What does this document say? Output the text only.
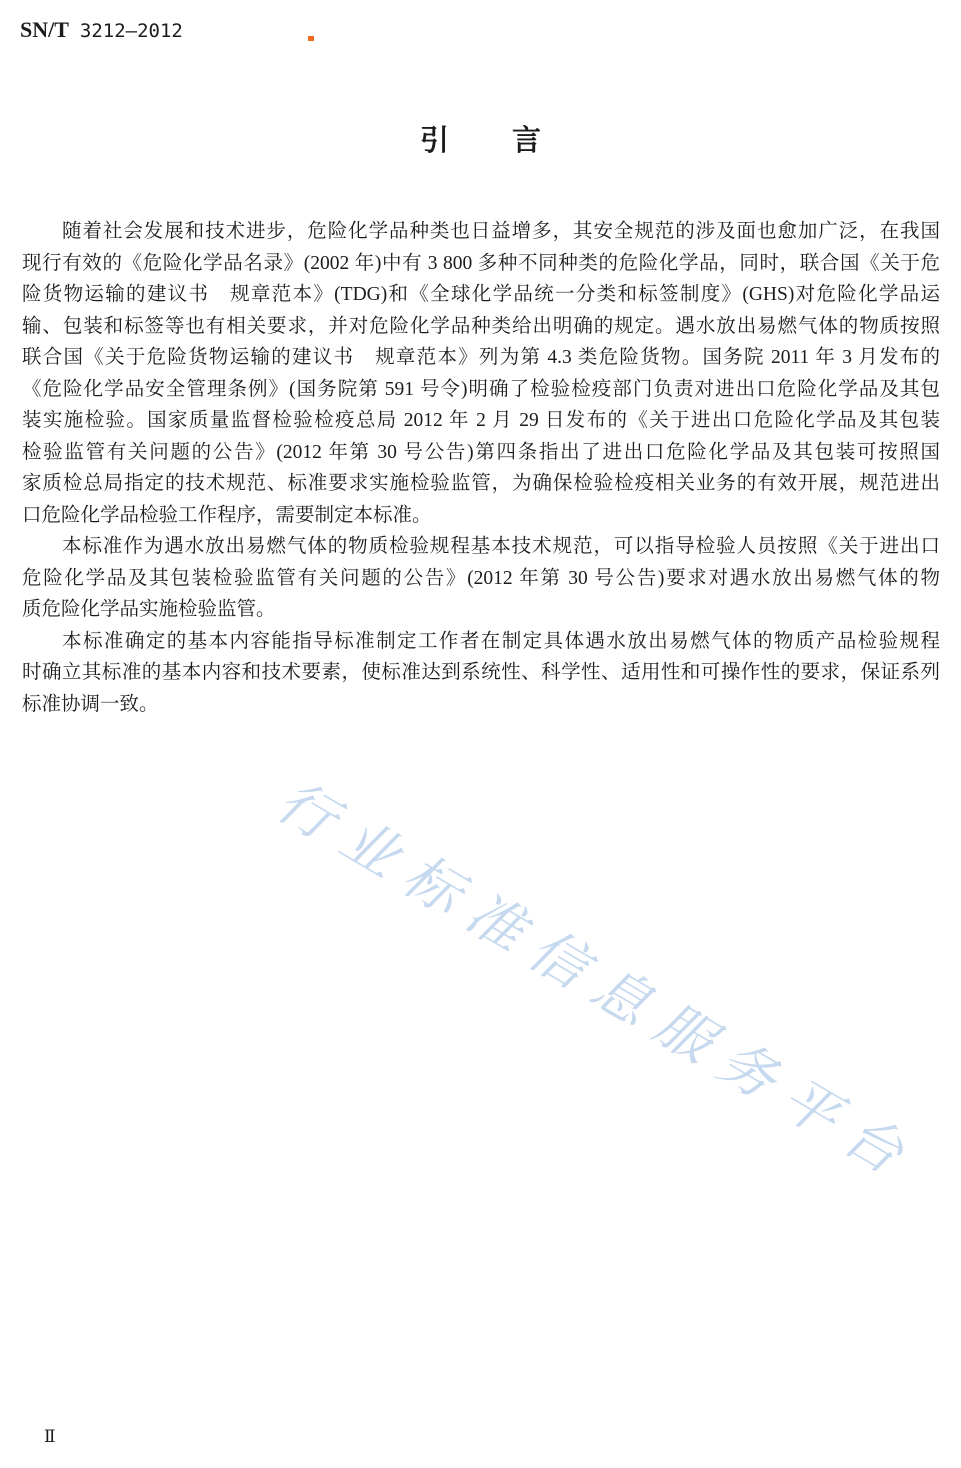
行业标准信息服务平台
SN/T 3212—2012
引言
随着社会发展和技术进步，危险化学品种类也日益增多，其安全规范的涉及面也愈加广泛，在我国
现行有效的《危险化学品名录》(2002 年)中有 3 800 多种不同种类的危险化学品，同时，联合国《关于危
险货物运输的建议书　规章范本》(TDG)和《全球化学品统一分类和标签制度》(GHS)对危险化学品运
输、包装和标签等也有相关要求，并对危险化学品种类给出明确的规定。遇水放出易燃气体的物质按照
联合国《关于危险货物运输的建议书　规章范本》列为第 4.3 类危险货物。国务院 2011 年 3 月发布的
《危险化学品安全管理条例》(国务院第 591 号令)明确了检验检疫部门负责对进出口危险化学品及其包
装实施检验。国家质量监督检验检疫总局 2012 年 2 月 29 日发布的《关于进出口危险化学品及其包装
检验监管有关问题的公告》(2012 年第 30 号公告)第四条指出了进出口危险化学品及其包装可按照国
家质检总局指定的技术规范、标准要求实施检验监管，为确保检验检疫相关业务的有效开展，规范进出
口危险化学品检验工作程序，需要制定本标准。
本标准作为遇水放出易燃气体的物质检验规程基本技术规范，可以指导检验人员按照《关于进出口
危险化学品及其包装检验监管有关问题的公告》(2012 年第 30 号公告)要求对遇水放出易燃气体的物
质危险化学品实施检验监管。
本标准确定的基本内容能指导标准制定工作者在制定具体遇水放出易燃气体的物质产品检验规程
时确立其标准的基本内容和技术要素，使标准达到系统性、科学性、适用性和可操作性的要求，保证系列
标准协调一致。
Ⅱ
